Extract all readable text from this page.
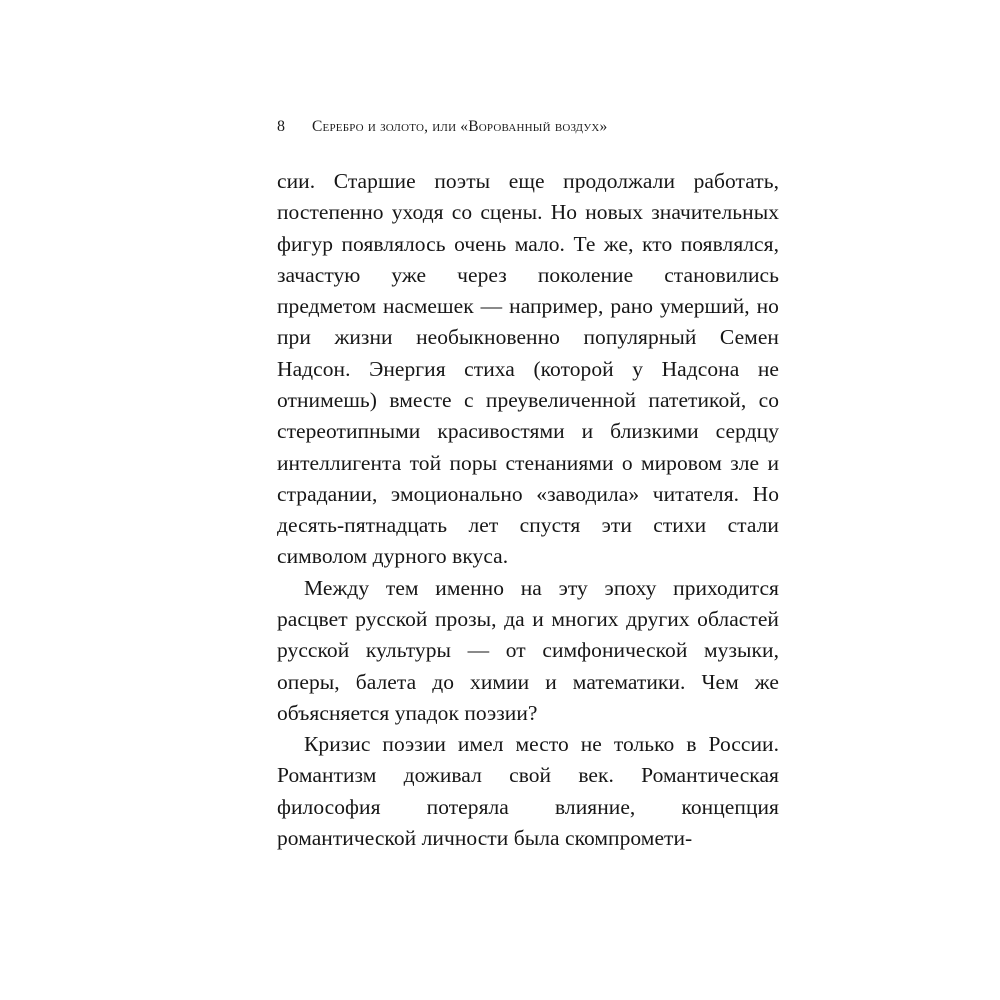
8 Серебро и золото, или «Ворованный воздух»

сии. Старшие поэты еще продолжали работать, постепенно уходя со сцены. Но новых значительных фигур появлялось очень мало. Те же, кто появлялся, зачастую уже через поколение становились предметом насмешек — например, рано умерший, но при жизни необыкновенно популярный Семен Надсон. Энергия стиха (которой у Надсона не отнимешь) вместе с преувеличенной патетикой, со стереотипными красивостями и близкими сердцу интеллигента той поры стенаниями о мировом зле и страдании, эмоционально «заводила» читателя. Но десять-пятнадцать лет спустя эти стихи стали символом дурного вкуса.

Между тем именно на эту эпоху приходится расцвет русской прозы, да и многих других областей русской культуры — от симфонической музыки, оперы, балета до химии и математики. Чем же объясняется упадок поэзии?

Кризис поэзии имел место не только в России. Романтизм доживал свой век. Романтическая философия потеряла влияние, концепция романтической личности была скомпромети-
